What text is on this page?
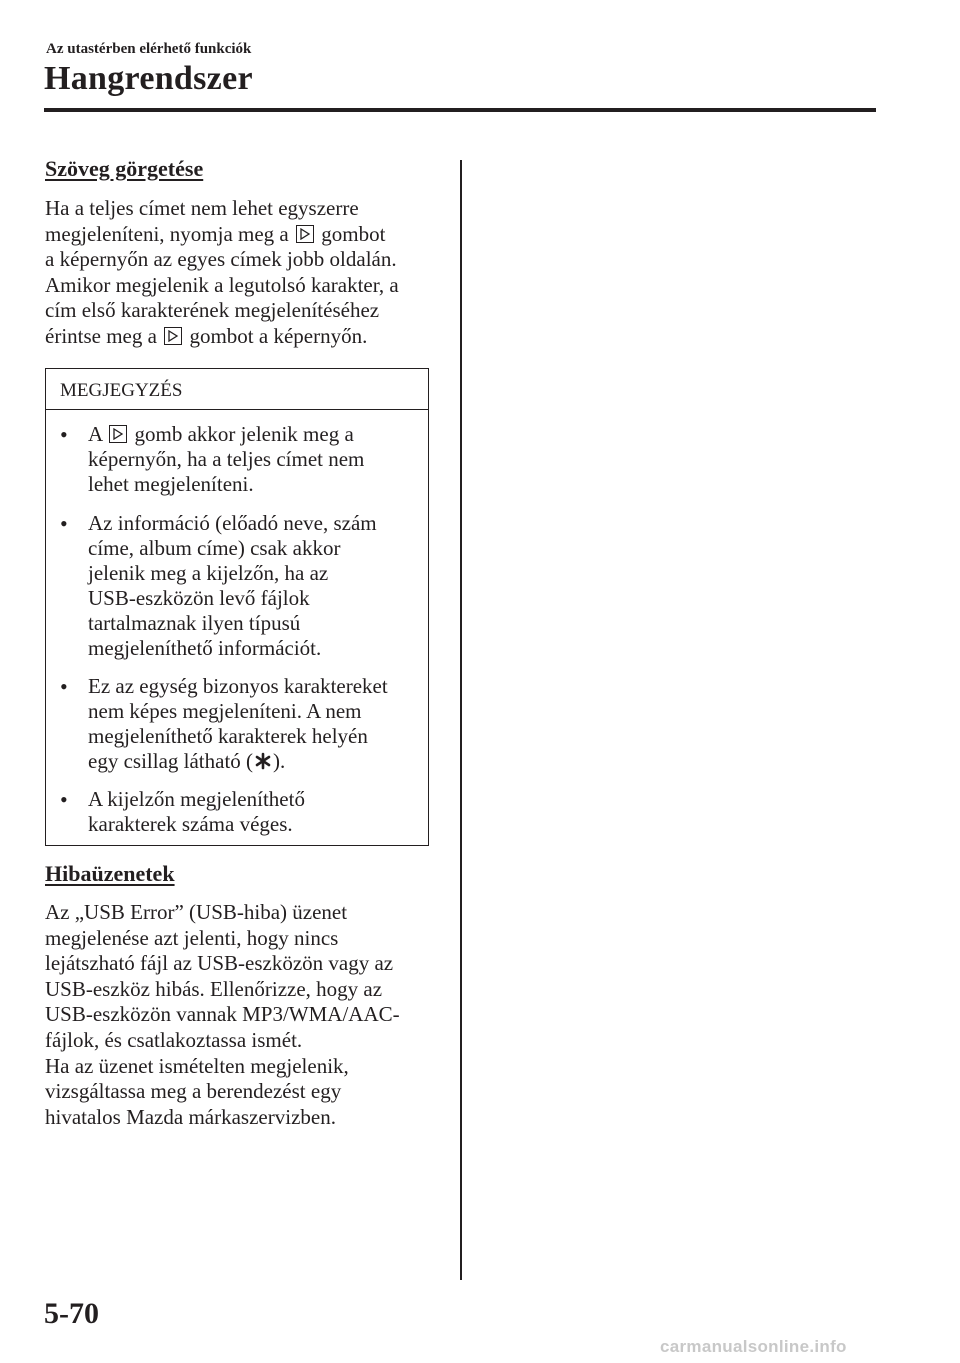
Az utastérben elérhető funkciók
Hangrendszer
Szöveg görgetése
Ha a teljes címet nem lehet egyszerre
megjeleníteni, nyomja meg a gombot
a képernyőn az egyes címek jobb oldalán.
Amikor megjelenik a legutolsó karakter, a
cím első karakterének megjelenítéséhez
érintse meg a gombot a képernyőn.
MEGJEGYZÉS
• A gomb akkor jelenik meg a
képernyőn, ha a teljes címet nem
lehet megjeleníteni.
• Az információ (előadó neve, szám
címe, album címe) csak akkor
jelenik meg a kijelzőn, ha az
USB-eszközön levő fájlok
tartalmaznak ilyen típusú
megjeleníthető információt.
• Ez az egység bizonyos karaktereket
nem képes megjeleníteni. A nem
megjeleníthető karakterek helyén
egy csillag látható ( ).
• A kijelzőn megjeleníthető
karakterek száma véges.
Hibaüzenetek
Az „USB Error” (USB-hiba) üzenet
megjelenése azt jelenti, hogy nincs
lejátszható fájl az USB-eszközön vagy az
USB-eszköz hibás. Ellenőrizze, hogy az
USB-eszközön vannak MP3/WMA/AAC-
fájlok, és csatlakoztassa ismét.
Ha az üzenet ismételten megjelenik,
vizsgáltassa meg a berendezést egy
hivatalos Mazda márkaszervizben.
5-70
carmanualsonline.info
